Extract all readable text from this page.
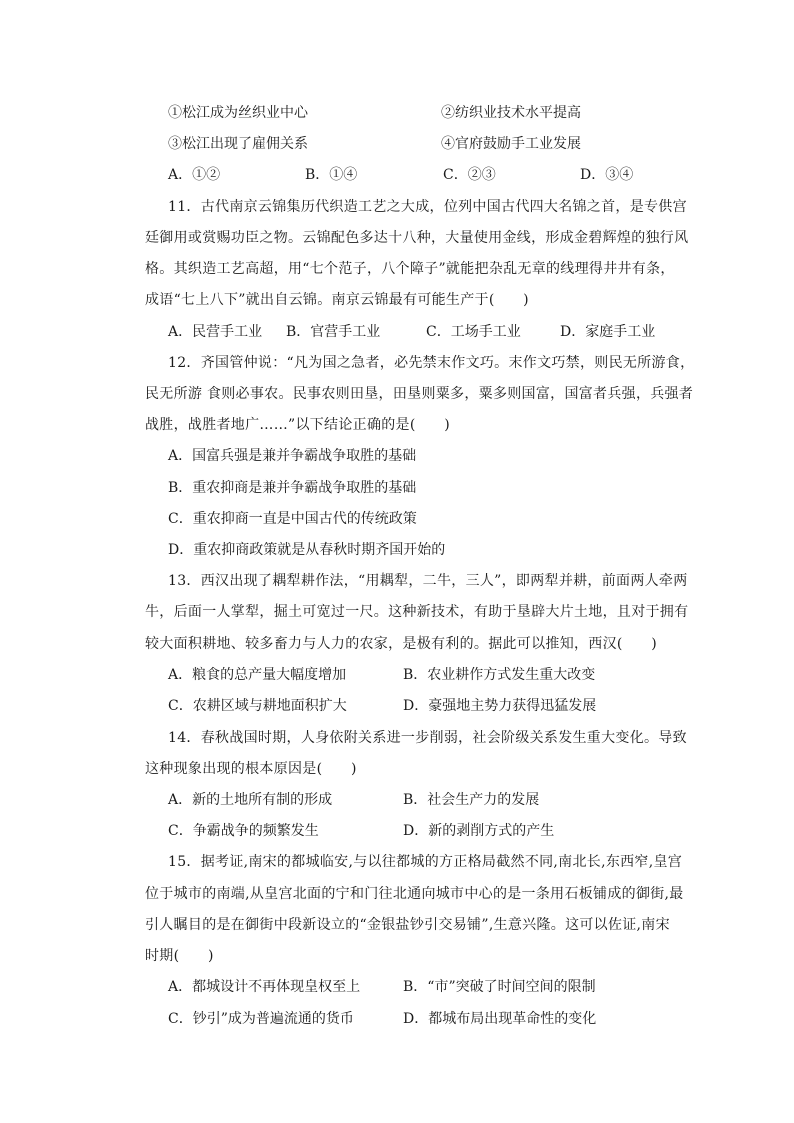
①松江成为丝织业中心	②纺织业技术水平提高
③松江出现了雇佣关系	④官府鼓励手工业发展
A．①②	B．①④	C．②③	D．③④
11．古代南京云锦集历代织造工艺之大成，位列中国古代四大名锦之首，是专供宫
廷御用或赏赐功臣之物。云锦配色多达十八种，大量使用金线，形成金碧辉煌的独行风
格。其织造工艺高超，用“七个范子，八个障子”就能把杂乱无章的线理得井井有条，
成语“七上八下”就出自云锦。南京云锦最有可能生产于(　　)
A．民营手工业 B．官营手工业	C．工场手工业	D．家庭手工业
12．齐国管仲说：“凡为国之急者，必先禁末作文巧。末作文巧禁，则民无所游食，
民无所游 食则必事农。民事农则田垦，田垦则粟多，粟多则国富，国富者兵强，兵强者
战胜，战胜者地广……”以下结论正确的是(　　)
A．国富兵强是兼并争霸战争取胜的基础
B．重农抑商是兼并争霸战争取胜的基础
C．重农抑商一直是中国古代的传统政策
D．重农抑商政策就是从春秋时期齐国开始的
13．西汉出现了耦犁耕作法，“用耦犁，二牛，三人”，即两犁并耕，前面两人牵两
牛，后面一人掌犁，掘土可宽过一尺。这种新技术，有助于垦辟大片土地，且对于拥有
较大面积耕地、较多畜力与人力的农家，是极有利的。据此可以推知，西汉(　　)
A．粮食的总产量大幅度增加	B．农业耕作方式发生重大改变
C．农耕区域与耕地面积扩大	D．豪强地主势力获得迅猛发展
14．春秋战国时期，人身依附关系进一步削弱，社会阶级关系发生重大变化。导致
这种现象出现的根本原因是(　　)
A．新的土地所有制的形成	B．社会生产力的发展
C．争霸战争的频繁发生	D．新的剥削方式的产生
15．据考证,南宋的都城临安,与以往都城的方正格局截然不同,南北长,东西窄,皇宫
位于城市的南端,从皇宫北面的宁和门往北通向城市中心的是一条用石板铺成的御街,最
引人瞩目的是在御街中段新设立的“金银盐钞引交易铺”,生意兴隆。这可以佐证,南宋
时期(　　)
A．都城设计不再体现皇权至上	B．“市”突破了时间空间的限制
C．钞引”成为普遍流通的货币	D．都城布局出现革命性的变化
